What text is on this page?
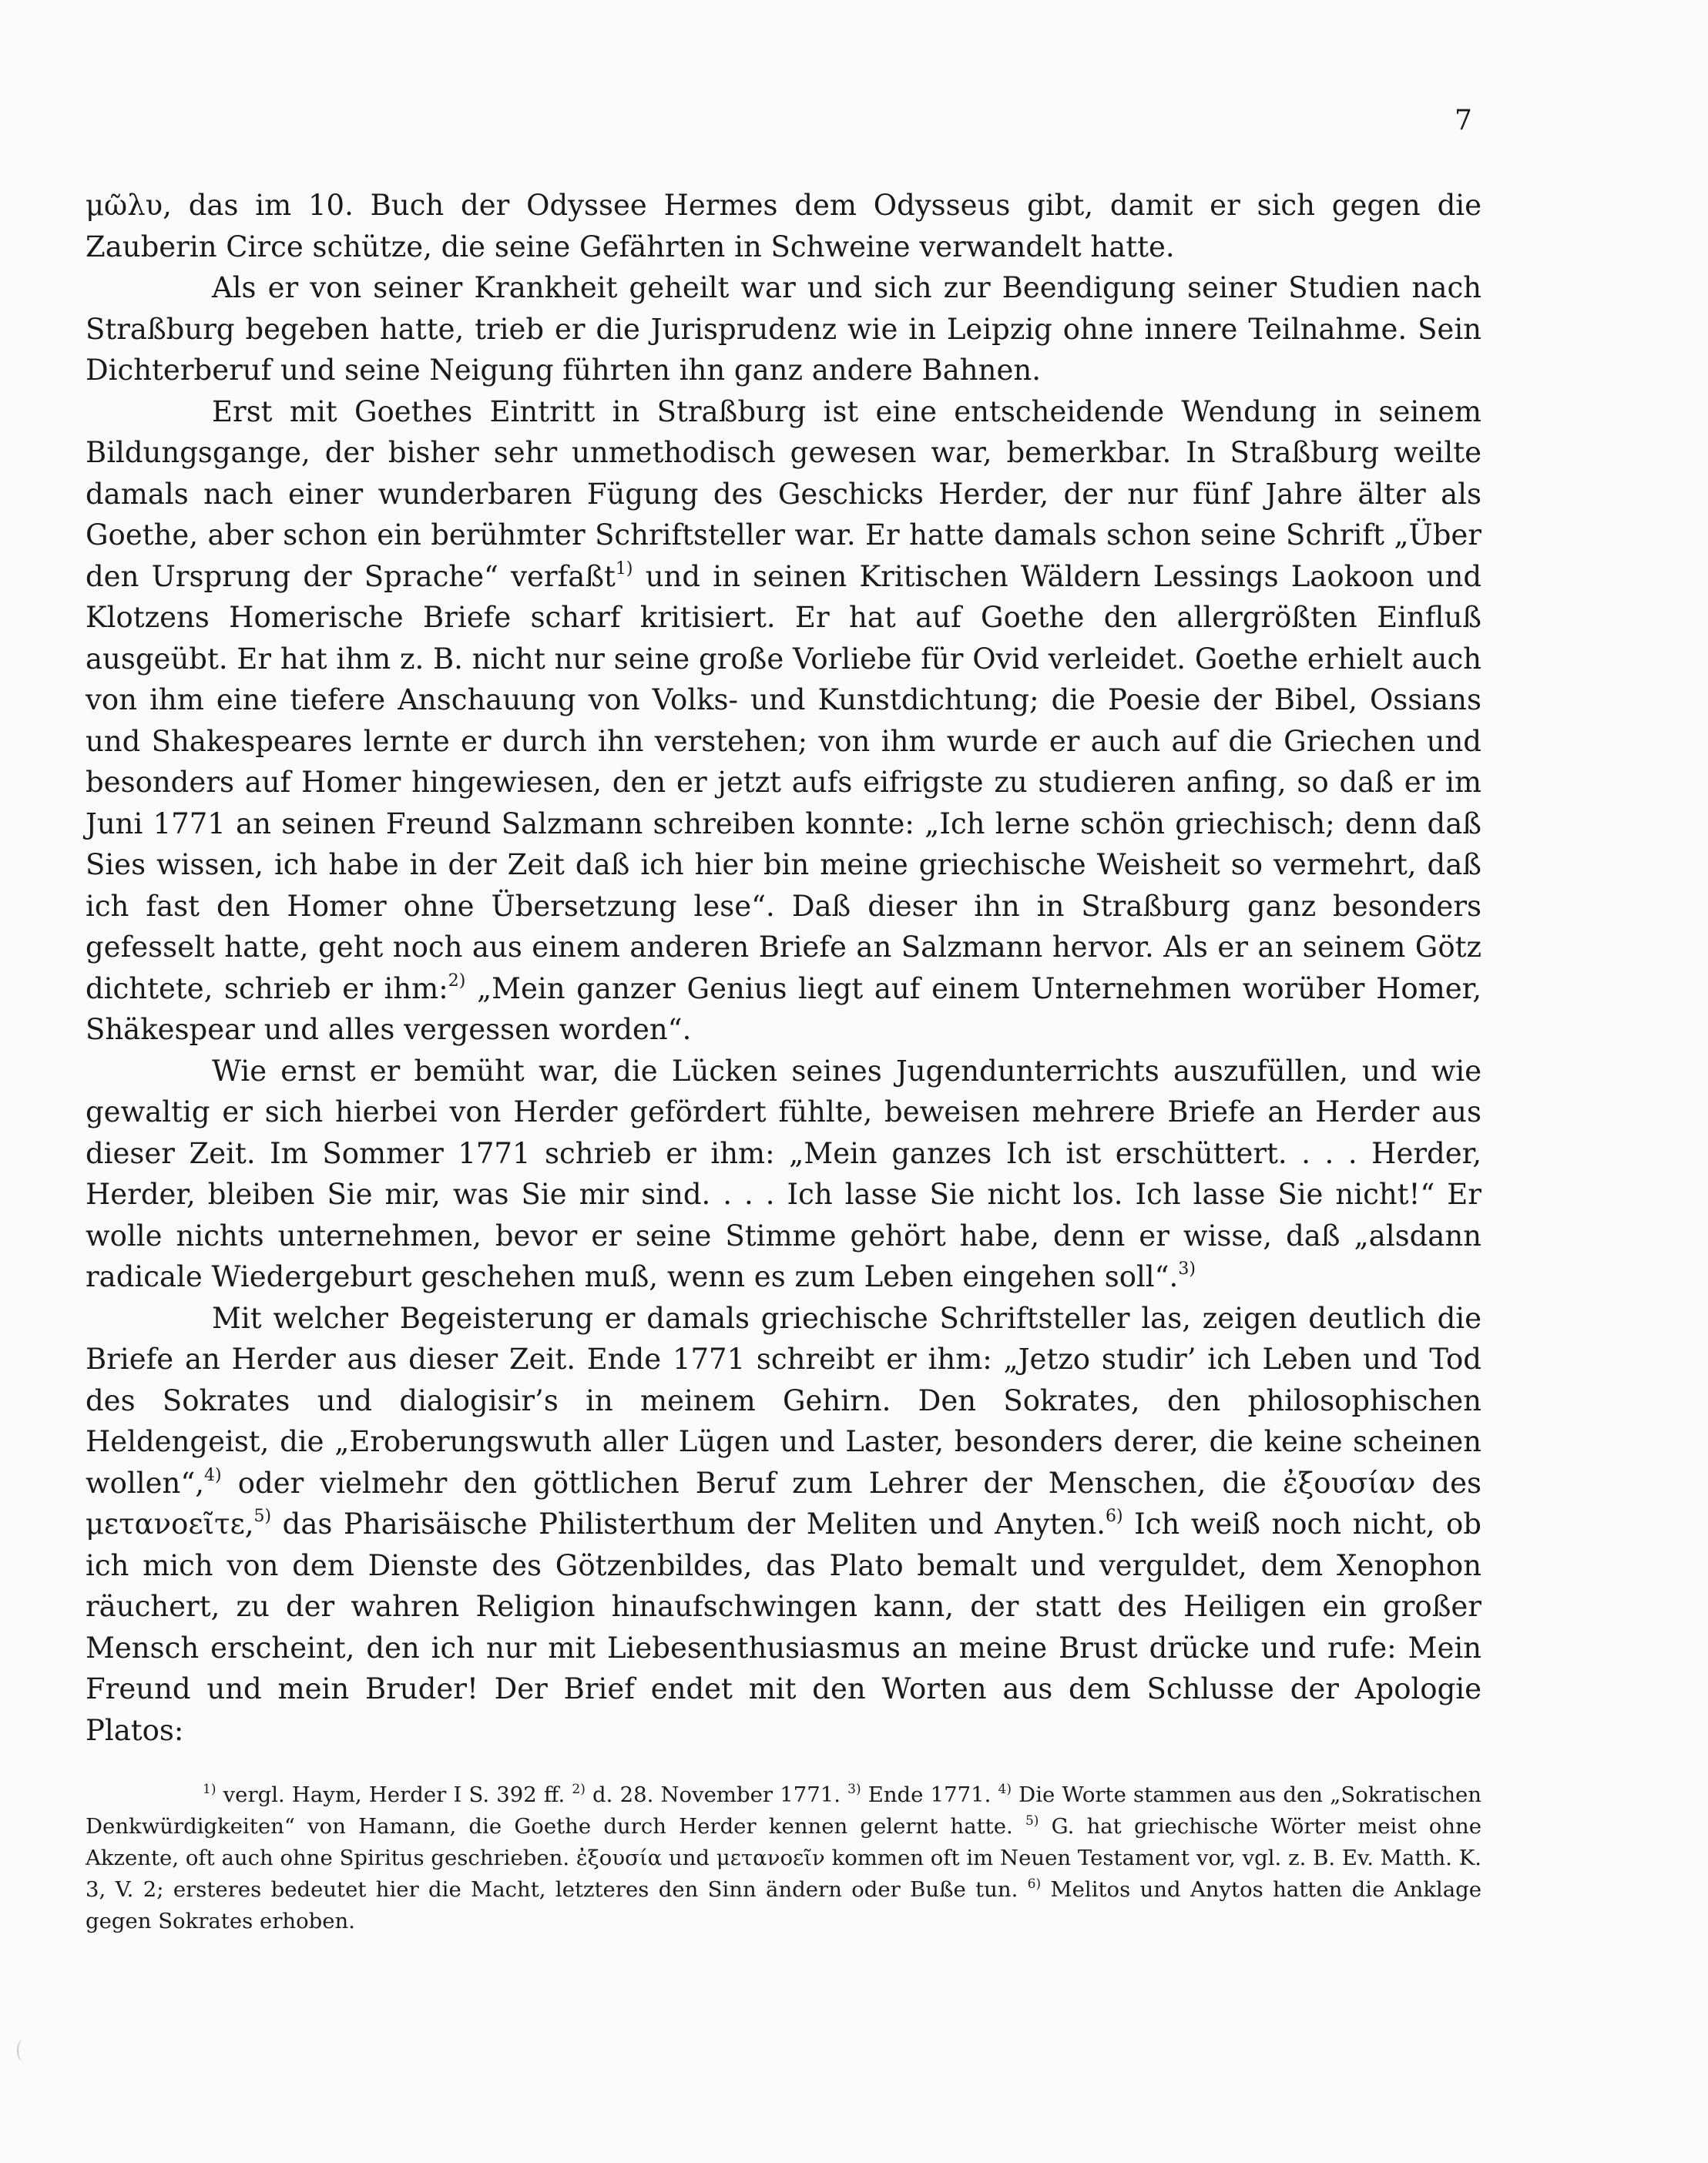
7

μῶλυ, das im 10. Buch der Odyssee Hermes dem Odysseus gibt, damit er sich gegen die Zauberin Circe schütze, die seine Gefährten in Schweine verwandelt hatte.

Als er von seiner Krankheit geheilt war und sich zur Beendigung seiner Studien nach Straßburg begeben hatte, trieb er die Jurisprudenz wie in Leipzig ohne innere Teilnahme. Sein Dichterberuf und seine Neigung führten ihn ganz andere Bahnen.

Erst mit Goethes Eintritt in Straßburg ist eine entscheidende Wendung in seinem Bildungsgange, der bisher sehr unmethodisch gewesen war, bemerkbar. In Straßburg weilte damals nach einer wunderbaren Fügung des Geschicks Herder, der nur fünf Jahre älter als Goethe, aber schon ein berühmter Schriftsteller war. Er hatte damals schon seine Schrift „Über den Ursprung der Sprache“ verfaßt$^{1)}$ und in seinen Kritischen Wäldern Lessings Laokoon und Klotzens Homerische Briefe scharf kritisiert. Er hat auf Goethe den allergrößten Einfluß ausgeübt. Er hat ihm z. B. nicht nur seine große Vorliebe für Ovid verleidet. Goethe erhielt auch von ihm eine tiefere Anschauung von Volks- und Kunstdichtung; die Poesie der Bibel, Ossians und Shakespeares lernte er durch ihn verstehen; von ihm wurde er auch auf die Griechen und besonders auf Homer hingewiesen, den er jetzt aufs eifrigste zu studieren anfing, so daß er im Juni 1771 an seinen Freund Salzmann schreiben konnte: „Ich lerne schön griechisch; denn daß Sies wissen, ich habe in der Zeit daß ich hier bin meine griechische Weisheit so vermehrt, daß ich fast den Homer ohne Übersetzung lese“. Daß dieser ihn in Straßburg ganz besonders gefesselt hatte, geht noch aus einem anderen Briefe an Salzmann hervor. Als er an seinem Götz dichtete, schrieb er ihm:$^{2)}$ „Mein ganzer Genius liegt auf einem Unternehmen worüber Homer, Shäkespear und alles vergessen worden“.

Wie ernst er bemüht war, die Lücken seines Jugendunterrichts auszufüllen, und wie gewaltig er sich hierbei von Herder gefördert fühlte, beweisen mehrere Briefe an Herder aus dieser Zeit. Im Sommer 1771 schrieb er ihm: „Mein ganzes Ich ist erschüttert. . . . Herder, Herder, bleiben Sie mir, was Sie mir sind. . . . Ich lasse Sie nicht los. Ich lasse Sie nicht!“ Er wolle nichts unternehmen, bevor er seine Stimme gehört habe, denn er wisse, daß „alsdann radicale Wiedergeburt geschehen muß, wenn es zum Leben eingehen soll“.$^{3)}$

Mit welcher Begeisterung er damals griechische Schriftsteller las, zeigen deutlich die Briefe an Herder aus dieser Zeit. Ende 1771 schreibt er ihm: „Jetzo studir’ ich Leben und Tod des Sokrates und dialogisir’s in meinem Gehirn. Den Sokrates, den philosophischen Heldengeist, die „Eroberungswuth aller Lügen und Laster, besonders derer, die keine scheinen wollen“,$^{4)}$ oder vielmehr den göttlichen Beruf zum Lehrer der Menschen, die ἐξουσίαν des μετανοεῖτε,$^{5)}$ das Pharisäische Philisterthum der Meliten und Anyten.$^{6)}$ Ich weiß noch nicht, ob ich mich von dem Dienste des Götzenbildes, das Plato bemalt und verguldet, dem Xenophon räuchert, zu der wahren Religion hinaufschwingen kann, der statt des Heiligen ein großer Mensch erscheint, den ich nur mit Liebesenthusiasmus an meine Brust drücke und rufe: Mein Freund und mein Bruder! Der Brief endet mit den Worten aus dem Schlusse der Apologie Platos:

$^{1)}$ vergl. Haym, Herder I S. 392 ff. $^{2)}$ d. 28. November 1771. $^{3)}$ Ende 1771. $^{4)}$ Die Worte stammen aus den „Sokratischen Denkwürdigkeiten“ von Hamann, die Goethe durch Herder kennen gelernt hatte. $^{5)}$ G. hat griechische Wörter meist ohne Akzente, oft auch ohne Spiritus geschrieben. ἐξουσία und μετανοεῖν kommen oft im Neuen Testament vor, vgl. z. B. Ev. Matth. K. 3, V. 2; ersteres bedeutet hier die Macht, letzteres den Sinn ändern oder Buße tun. $^{6)}$ Melitos und Anytos hatten die Anklage gegen Sokrates erhoben.
